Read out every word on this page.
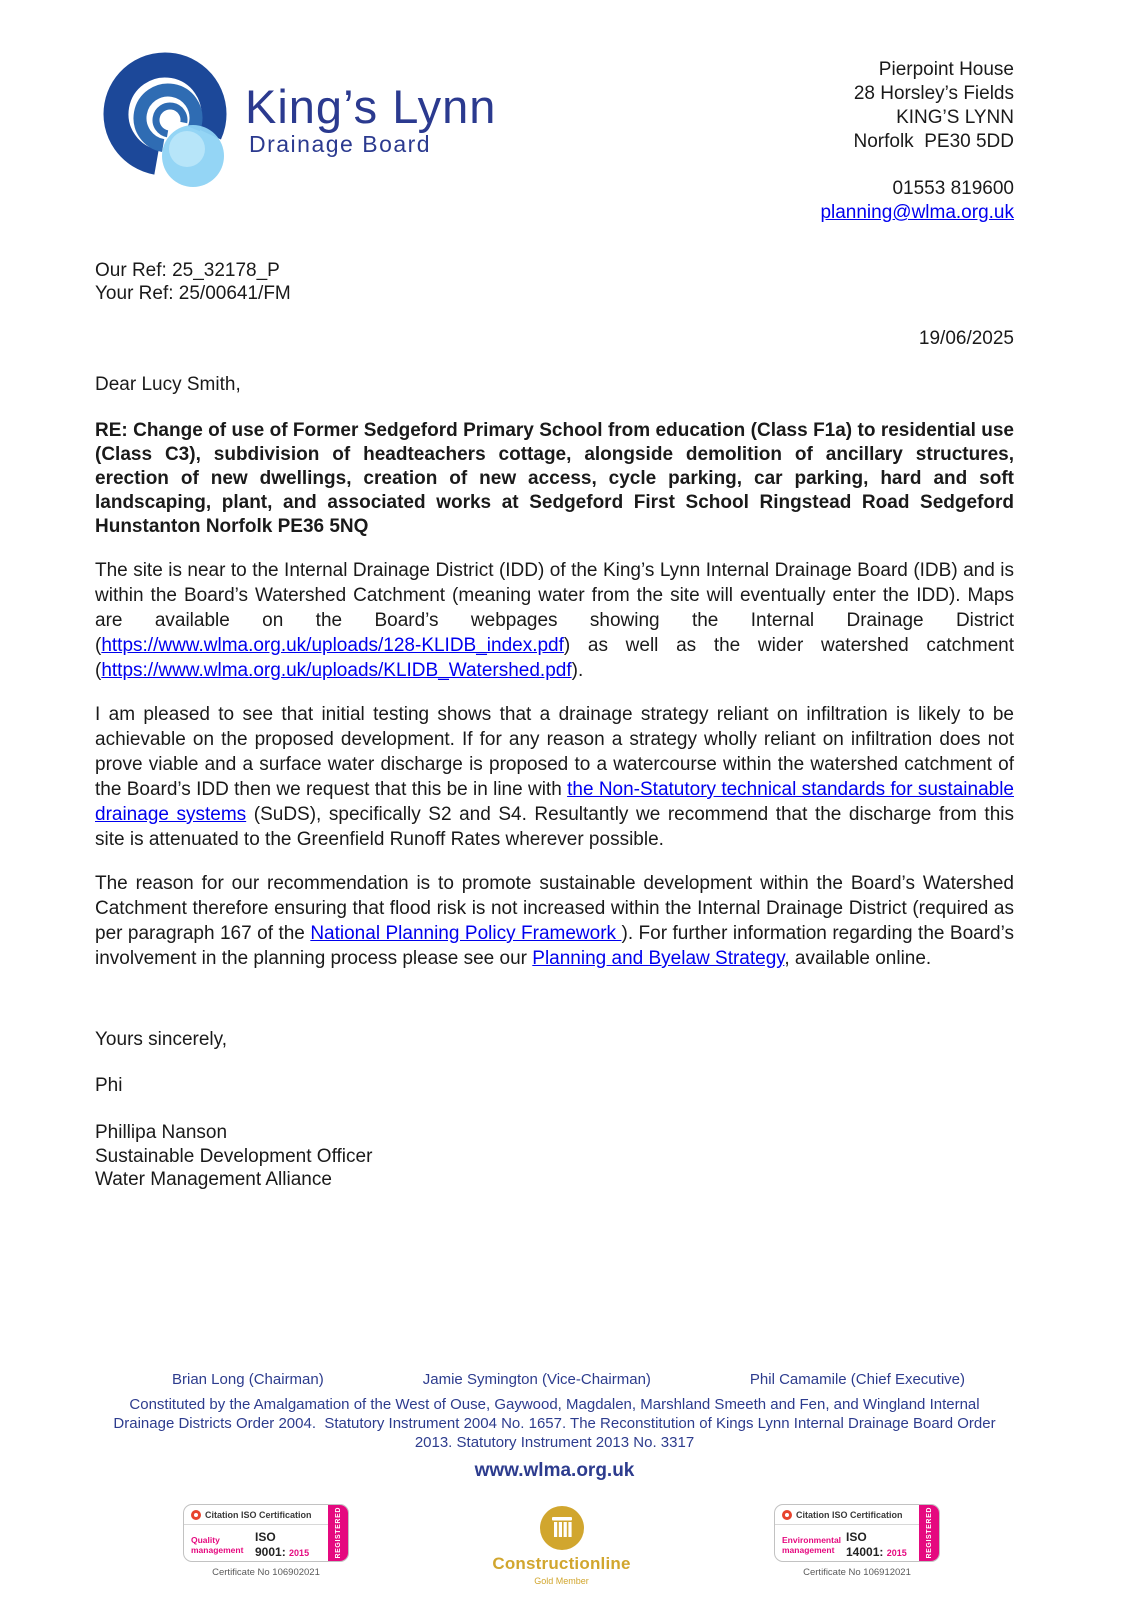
King’s Lynn
Drainage Board
Pierpoint House
28 Horsley’s Fields
KING’S LYNN
Norfolk  PE30 5DD
01553 819600
planning@wlma.org.uk
Our Ref: 25_32178_P
Your Ref: 25/00641/FM
19/06/2025
Dear Lucy Smith,
RE: Change of use of Former Sedgeford Primary School from education (Class F1a) to residential use (Class C3), subdivision of headteachers cottage, alongside demolition of ancillary structures, erection of new dwellings, creation of new access, cycle parking, car parking, hard and soft landscaping, plant, and associated works at Sedgeford First School Ringstead Road Sedgeford Hunstanton Norfolk PE36 5NQ

The site is near to the Internal Drainage District (IDD) of the King’s Lynn Internal Drainage Board (IDB) and is within the Board’s Watershed Catchment (meaning water from the site will eventually enter the IDD). Maps are available on the Board’s webpages showing the Internal Drainage District (https://www.wlma.org.uk/uploads/128-KLIDB_index.pdf) as well as the wider watershed catchment (https://www.wlma.org.uk/uploads/KLIDB_Watershed.pdf).

I am pleased to see that initial testing shows that a drainage strategy reliant on infiltration is likely to be achievable on the proposed development. If for any reason a strategy wholly reliant on infiltration does not prove viable and a surface water discharge is proposed to a watercourse within the watershed catchment of the Board’s IDD then we request that this be in line with the Non-Statutory technical standards for sustainable drainage systems (SuDS), specifically S2 and S4. Resultantly we recommend that the discharge from this site is attenuated to the Greenfield Runoff Rates wherever possible.

The reason for our recommendation is to promote sustainable development within the Board’s Watershed Catchment therefore ensuring that flood risk is not increased within the Internal Drainage District (required as per paragraph 167 of the National Planning Policy Framework ). For further information regarding the Board’s involvement in the planning process please see our Planning and Byelaw Strategy, available online.

Yours sincerely,
Phi
Phillipa Nanson
Sustainable Development Officer
Water Management Alliance
Brian Long (Chairman)	Jamie Symington (Vice-Chairman)	Phil Camamile (Chief Executive)
Constituted by the Amalgamation of the West of Ouse, Gaywood, Magdalen, Marshland Smeeth and Fen, and Wingland Internal Drainage Districts Order 2004.  Statutory Instrument 2004 No. 1657. The Reconstitution of Kings Lynn Internal Drainage Board Order 2013. Statutory Instrument 2013 No. 3317
www.wlma.org.uk
Citation ISO Certification
Quality management
ISO
9001: 2015	REGISTERED
Certificate No 106902021	Constructionline
Gold Member
Citation ISO Certification
Environmental management
ISO
14001: 2015	REGISTERED
Certificate No 106912021
